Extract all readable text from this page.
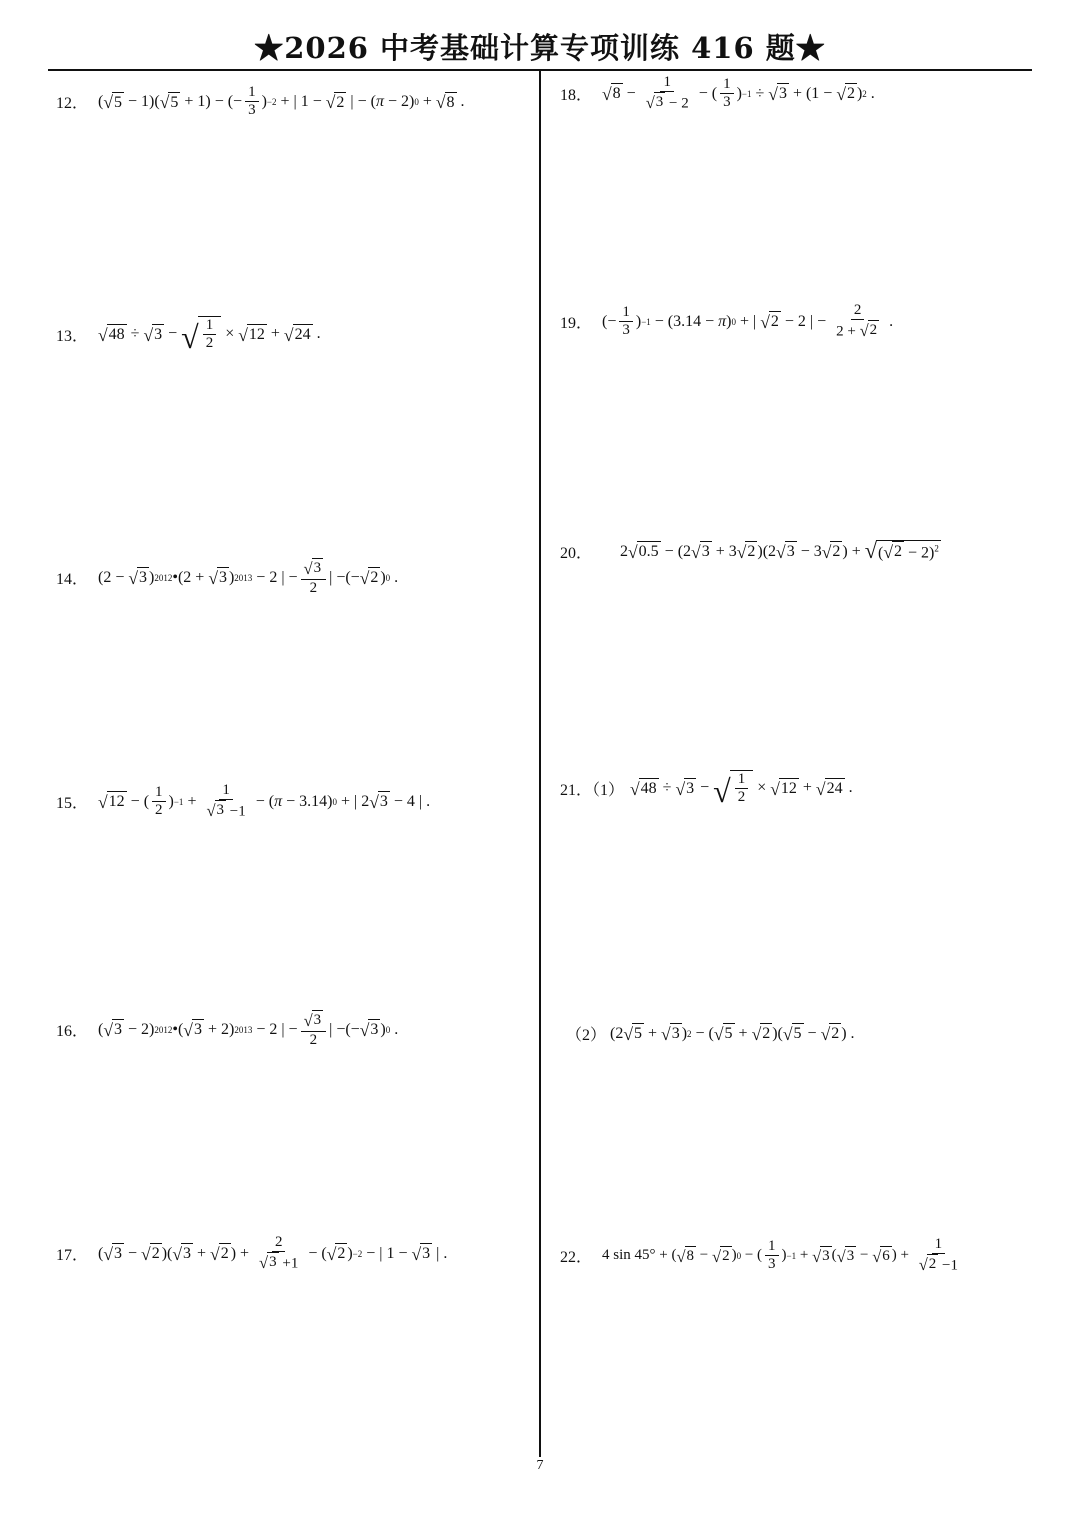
★2026 中考基础计算专项训练 416 题★
12． ( √ 5 − 1)( √ 5 + 1) − (−
1
3
) −2 + | 1 − √ 2 | − ( π − 2) 0 + √ 8 .
13． √ 48 ÷ √ 3 − √ $\frac{1}{2}$ × √ 12 + √ 24 .
14． (2 − √ 3 ) 2012 •(2 + √ 3 ) 2013 − 2 | − √ 3
2
| −(− √ 2 ) 0 .
15． √ 12 − (
1
2
) −1 +
1
√ 3 −1
− ( π − 3.14) 0 + | 2 √ 3 − 4 | .
16． ( √ 3 − 2) 2012 •( √ 3 + 2) 2013 − 2 | − √ 3
2
| −(− √ 3 ) 0 .
17． ( √ 3 − √ 2 )( √ 3 + √ 2 ) +
2
√ 3 +1
− ( √ 2 ) −2 − | 1 − √ 3 | .
18． √ 8 −
1
√ 3 − 2
− (
1
3
) −1 ÷ √ 3 + (1 − √ 2 ) 2 .
19． (−
1
3
) −1 − (3.14 − π ) 0 + | √ 2 − 2 | −
2
2 + √ 2
.
20． 2 √ 0.5 − (2 √ 3 + 3 √ 2 )(2 √ 3 − 3 √ 2 ) + √ ( √ 2 − 2)$^2$
21．（1） √ 48 ÷ √ 3 − √ $\frac{1}{2}$ × √ 12 + √ 24 .
（2） (2 √ 5 + √ 3 ) 2 − ( √ 5 + √ 2 )( √ 5 − √ 2 ) .
22． 4 sin 45° + ( √ 8 − √ 2 ) 0 − (
1
3
) −1 + √ 3 ( √ 3 − √ 6 ) +
1
√ 2 −1
7
